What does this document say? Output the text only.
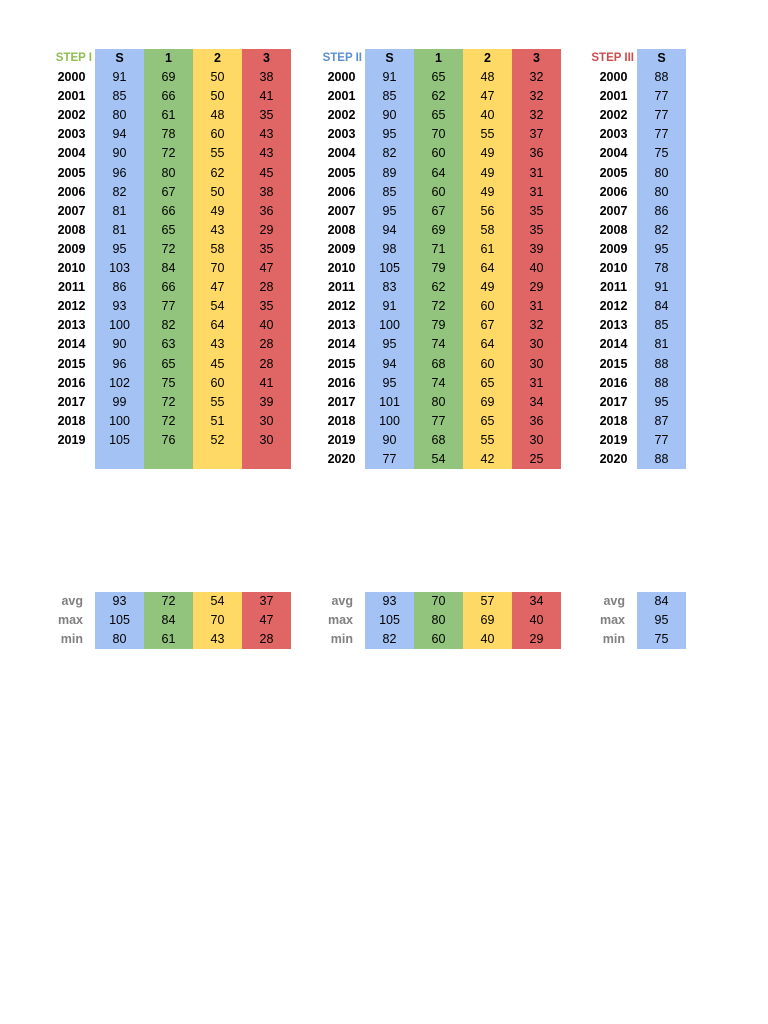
STEP I	S	1	2	3
2000	91	69	50	38
2001	85	66	50	41
2002	80	61	48	35
2003	94	78	60	43
2004	90	72	55	43
2005	96	80	62	45
2006	82	67	50	38
2007	81	66	49	36
2008	81	65	43	29
2009	95	72	58	35
2010	103	84	70	47
2011	86	66	47	28
2012	93	77	54	35
2013	100	82	64	40
2014	90	63	43	28
2015	96	65	45	28
2016	102	75	60	41
2017	99	72	55	39
2018	100	72	51	30
2019	105	76	52	30
STEP II	S	1	2	3
2000	91	65	48	32
2001	85	62	47	32
2002	90	65	40	32
2003	95	70	55	37
2004	82	60	49	36
2005	89	64	49	31
2006	85	60	49	31
2007	95	67	56	35
2008	94	69	58	35
2009	98	71	61	39
2010	105	79	64	40
2011	83	62	49	29
2012	91	72	60	31
2013	100	79	67	32
2014	95	74	64	30
2015	94	68	60	30
2016	95	74	65	31
2017	101	80	69	34
2018	100	77	65	36
2019	90	68	55	30
2020	77	54	42	25
STEP III	S
2000	88
2001	77
2002	77
2003	77
2004	75
2005	80
2006	80
2007	86
2008	82
2009	95
2010	78
2011	91
2012	84
2013	85
2014	81
2015	88
2016	88
2017	95
2018	87
2019	77
2020	88
avg	93	72	54	37
max	105	84	70	47
min	80	61	43	28
avg	93	70	57	34
max	105	80	69	40
min	82	60	40	29
avg	84
max	95
min	75
